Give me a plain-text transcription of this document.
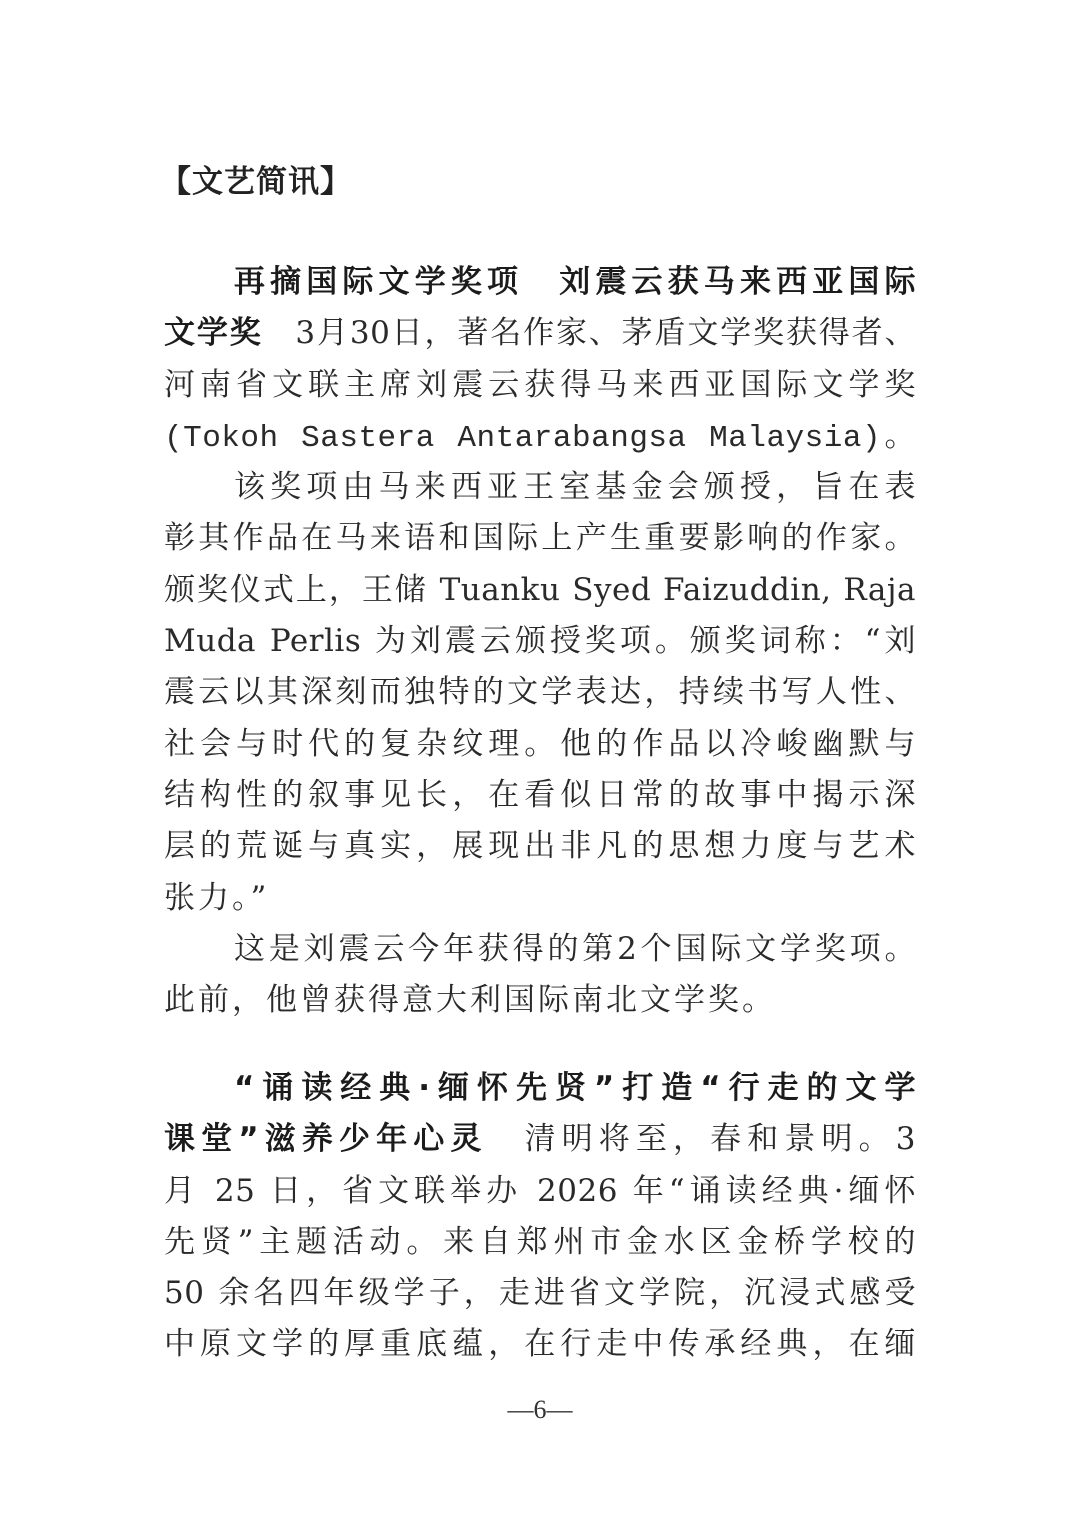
【文艺简讯】
再摘国际文学奖项　刘震云获马来西亚国际
文学奖　3月30日，著名作家、茅盾文学奖获得者、
河南省文联主席刘震云获得马来西亚国际文学奖
(Tokoh Sastera Antarabangsa Malaysia)。
该奖项由马来西亚王室基金会颁授，旨在表
彰其作品在马来语和国际上产生重要影响的作家。
颁奖仪式上，王储 Tuanku Syed Faizuddin, Raja
Muda Perlis 为刘震云颁授奖项。颁奖词称：“刘
震云以其深刻而独特的文学表达，持续书写人性、
社会与时代的复杂纹理。他的作品以冷峻幽默与
结构性的叙事见长，在看似日常的故事中揭示深
层的荒诞与真实，展现出非凡的思想力度与艺术
张力。”
这是刘震云今年获得的第2个国际文学奖项。
此前，他曾获得意大利国际南北文学奖。
“诵读经典·缅怀先贤”打造“行走的文学
课堂”滋养少年心灵　清明将至，春和景明。3
月 25 日，省文联举办 2026 年“诵读经典·缅怀
先贤”主题活动。来自郑州市金水区金桥学校的
50 余名四年级学子，走进省文学院，沉浸式感受
中原文学的厚重底蕴，在行走中传承经典，在缅
—6—
